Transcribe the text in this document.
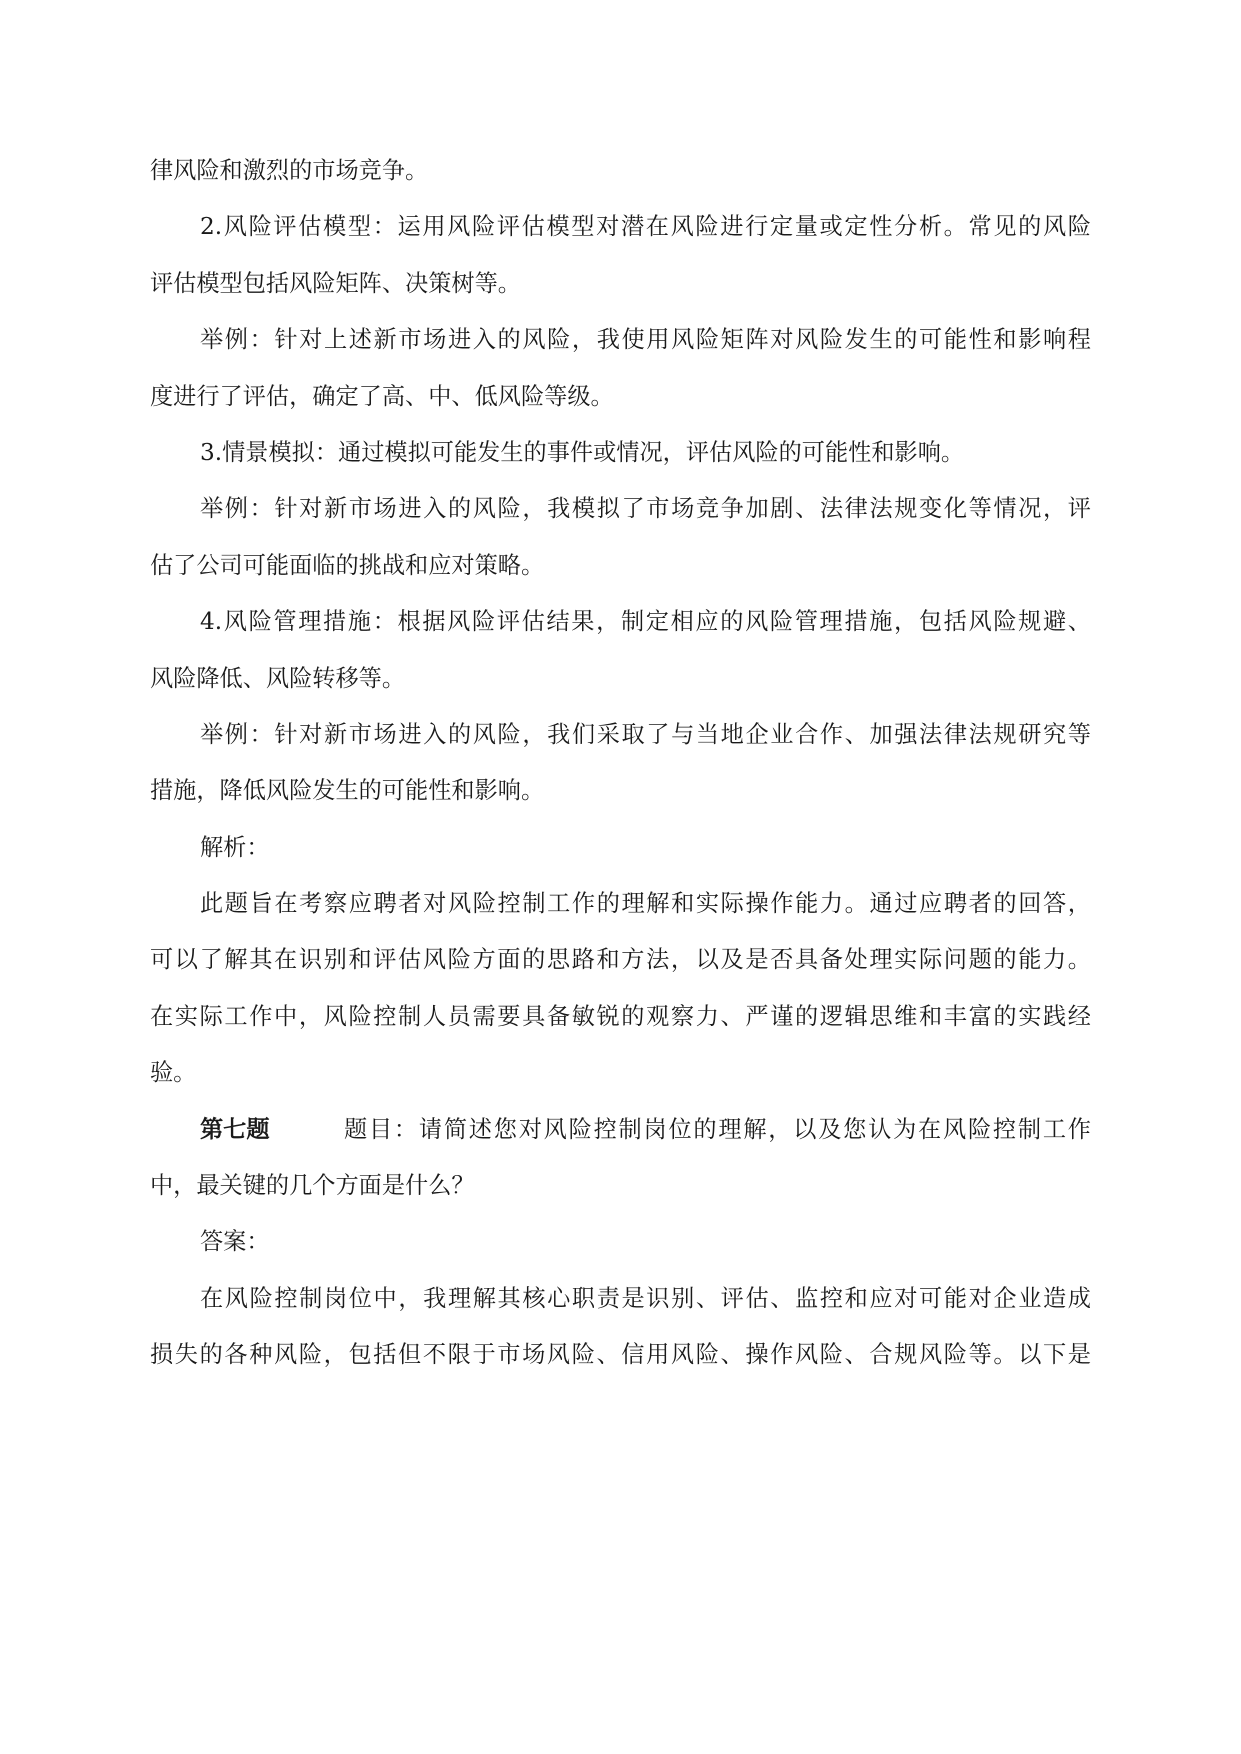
律风险和激烈的市场竞争。
2.风险评估模型：运用风险评估模型对潜在风险进行定量或定性分析。常见的风险
评估模型包括风险矩阵、决策树等。
举例：针对上述新市场进入的风险，我使用风险矩阵对风险发生的可能性和影响程
度进行了评估，确定了高、中、低风险等级。
3.情景模拟：通过模拟可能发生的事件或情况，评估风险的可能性和影响。
举例：针对新市场进入的风险，我模拟了市场竞争加剧、法律法规变化等情况，评
估了公司可能面临的挑战和应对策略。
4.风险管理措施：根据风险评估结果，制定相应的风险管理措施，包括风险规避、
风险降低、风险转移等。
举例：针对新市场进入的风险，我们采取了与当地企业合作、加强法律法规研究等
措施，降低风险发生的可能性和影响。
解析：
此题旨在考察应聘者对风险控制工作的理解和实际操作能力。通过应聘者的回答，
可以了解其在识别和评估风险方面的思路和方法，以及是否具备处理实际问题的能力。
在实际工作中，风险控制人员需要具备敏锐的观察力、严谨的逻辑思维和丰富的实践经
验。
第七题	题目：请简述您对风险控制岗位的理解，以及您认为在风险控制工作
中，最关键的几个方面是什么？
答案：
在风险控制岗位中，我理解其核心职责是识别、评估、监控和应对可能对企业造成
损失的各种风险，包括但不限于市场风险、信用风险、操作风险、合规风险等。以下是
